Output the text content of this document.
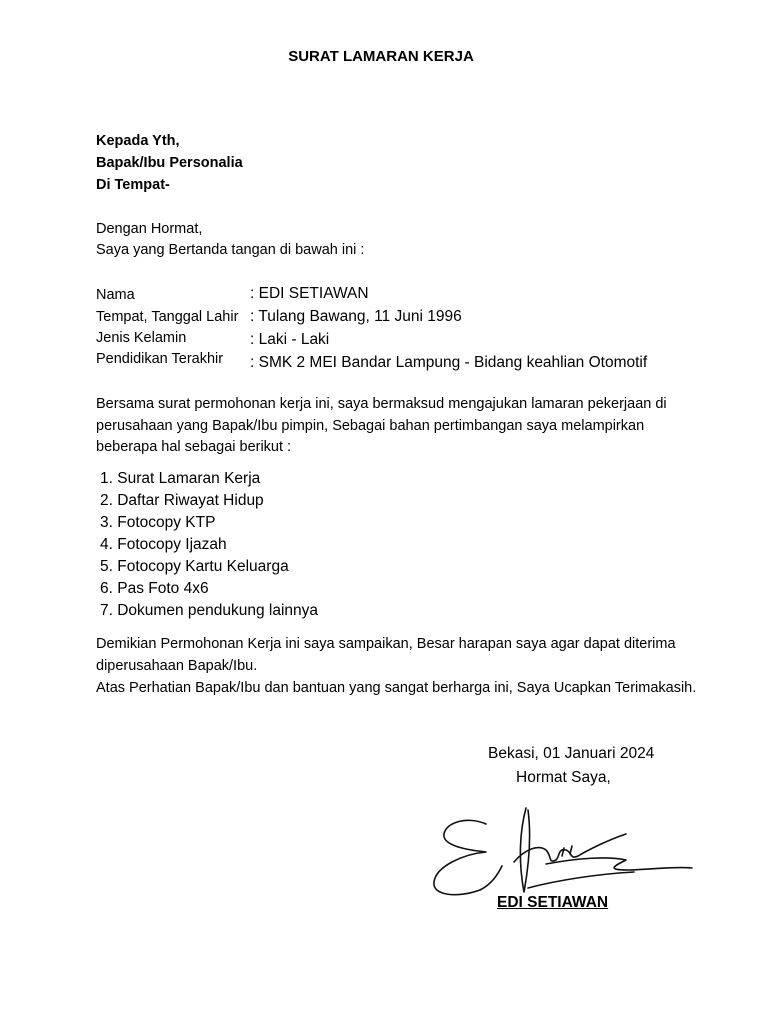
SURAT LAMARAN KERJA
Kepada Yth,
Bapak/Ibu Personalia
Di Tempat-
Dengan Hormat,
Saya yang Bertanda tangan di bawah ini :
Nama	: EDI SETIAWAN
Tempat, Tanggal Lahir : Tulang Bawang, 11 Juni 1996
Jenis Kelamin	: Laki - Laki
Pendidikan Terakhir : SMK 2 MEI Bandar Lampung - Bidang keahlian Otomotif
Bersama surat permohonan kerja ini, saya bermaksud mengajukan lamaran pekerjaan di
perusahaan yang Bapak/Ibu pimpin, Sebagai bahan pertimbangan saya melampirkan
beberapa hal sebagai berikut :
1. Surat Lamaran Kerja
2. Daftar Riwayat Hidup
3. Fotocopy KTP
4. Fotocopy Ijazah
5. Fotocopy Kartu Keluarga
6. Pas Foto 4x6
7. Dokumen pendukung lainnya
Demikian Permohonan Kerja ini saya sampaikan, Besar harapan saya agar dapat diterima
diperusahaan Bapak/Ibu.
Atas Perhatian Bapak/Ibu dan bantuan yang sangat berharga ini, Saya Ucapkan Terimakasih.
Bekasi, 01 Januari 2024
Hormat Saya,
EDI SETIAWAN
